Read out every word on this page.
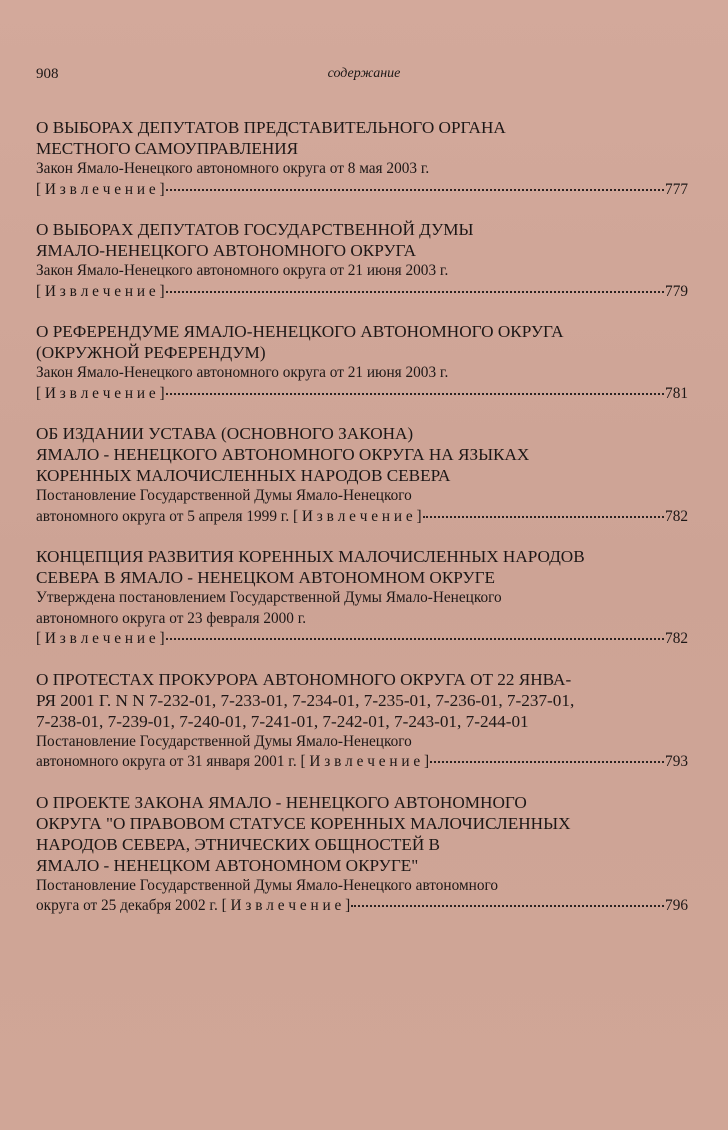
908	содержание

О ВЫБОРАХ ДЕПУТАТОВ ПРЕДСТАВИТЕЛЬНОГО ОРГАНА
МЕСТНОГО САМОУПРАВЛЕНИЯ

Закон Ямало-Ненецкого автономного округа от 8 мая 2003 г.

[ И з в л е ч е н и е ]	777

О ВЫБОРАХ ДЕПУТАТОВ ГОСУДАРСТВЕННОЙ ДУМЫ
ЯМАЛО-НЕНЕЦКОГО АВТОНОМНОГО ОКРУГА

Закон Ямало-Ненецкого автономного округа от 21 июня 2003 г.

[ И з в л е ч е н и е ]	779

О РЕФЕРЕНДУМЕ ЯМАЛО-НЕНЕЦКОГО АВТОНОМНОГО ОКРУГА
(ОКРУЖНОЙ РЕФЕРЕНДУМ)

Закон Ямало-Ненецкого автономного округа от 21 июня 2003 г.

[ И з в л е ч е н и е ]	781

ОБ ИЗДАНИИ УСТАВА (ОСНОВНОГО ЗАКОНА)
ЯМАЛО - НЕНЕЦКОГО АВТОНОМНОГО ОКРУГА НА ЯЗЫКАХ
КОРЕННЫХ МАЛОЧИСЛЕННЫХ НАРОДОВ СЕВЕРА

Постановление Государственной Думы Ямало-Ненецкого

автономного округа от 5 апреля 1999 г. [ И з в л е ч е н и е ]	782

КОНЦЕПЦИЯ РАЗВИТИЯ КОРЕННЫХ МАЛОЧИСЛЕННЫХ НАРОДОВ
СЕВЕРА В ЯМАЛО - НЕНЕЦКОМ АВТОНОМНОМ ОКРУГЕ

Утверждена постановлением Государственной Думы Ямало-Ненецкого
автономного округа от 23 февраля 2000 г.

[ И з в л е ч е н и е ]	782

О ПРОТЕСТАХ ПРОКУРОРА АВТОНОМНОГО ОКРУГА ОТ 22 ЯНВА-
РЯ 2001 Г. N N 7-232-01, 7-233-01, 7-234-01, 7-235-01, 7-236-01, 7-237-01,
7-238-01, 7-239-01, 7-240-01, 7-241-01, 7-242-01, 7-243-01, 7-244-01

Постановление Государственной Думы Ямало-Ненецкого

автономного округа от 31 января 2001 г. [ И з в л е ч е н и е ]	793

О ПРОЕКТЕ ЗАКОНА ЯМАЛО - НЕНЕЦКОГО АВТОНОМНОГО
ОКРУГА "О ПРАВОВОМ СТАТУСЕ КОРЕННЫХ МАЛОЧИСЛЕННЫХ
НАРОДОВ СЕВЕРА, ЭТНИЧЕСКИХ ОБЩНОСТЕЙ В
ЯМАЛО - НЕНЕЦКОМ АВТОНОМНОМ ОКРУГЕ"

Постановление Государственной Думы Ямало-Ненецкого автономного

округа от 25 декабря 2002 г. [ И з в л е ч е н и е ]	796
